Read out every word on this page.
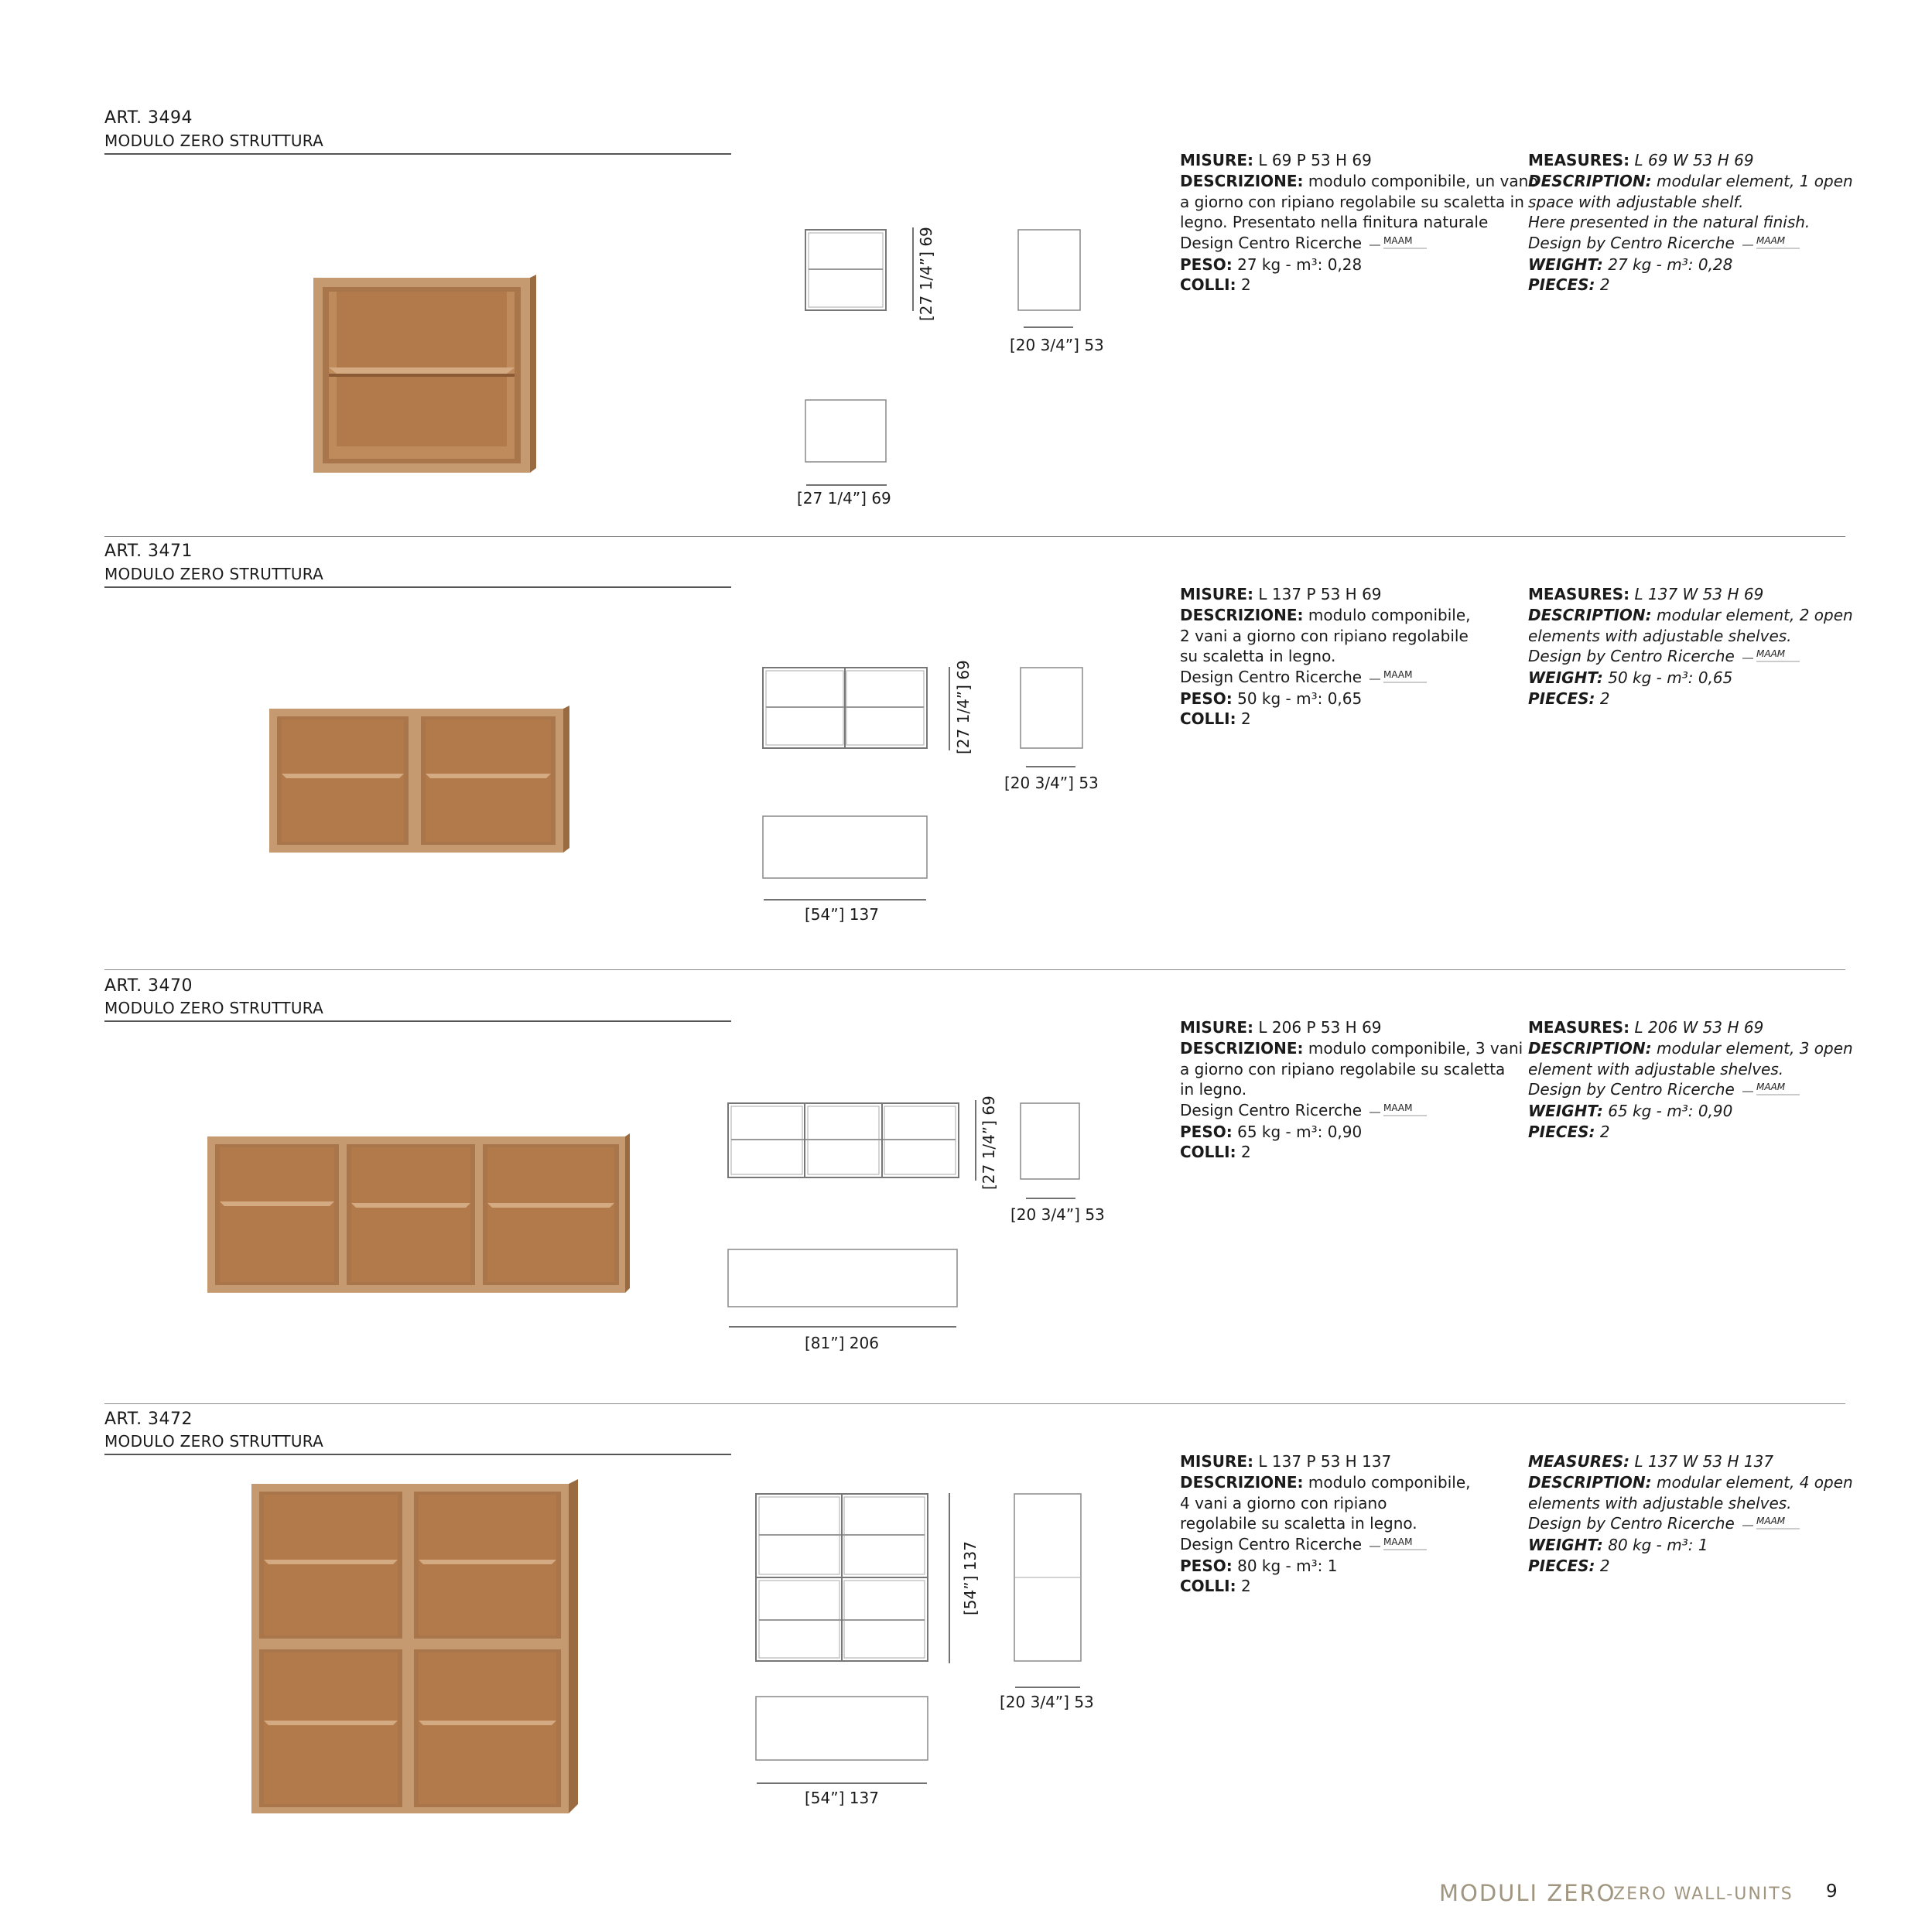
ART. 3494
MODULO ZERO STRUTTURA
[27 1/4”] 69
[20 3/4”] 53
[27 1/4”] 69
MISURE: L 69 P 53 H 69
DESCRIZIONE: modulo componibile, un vano
a giorno con ripiano regolabile su scaletta in
legno. Presentato nella finitura naturale
Design Centro Ricerche MAAM
PESO: 27 kg - m³: 0,28
COLLI: 2
MEASURES: L 69 W 53 H 69
DESCRIPTION: modular element, 1 open
space with adjustable shelf.
Here presented in the natural finish.
Design by Centro Ricerche MAAM
WEIGHT: 27 kg - m³: 0,28
PIECES: 2
ART. 3471
MODULO ZERO STRUTTURA
[27 1/4”] 69
[20 3/4”] 53
[54”] 137
MISURE: L 137 P 53 H 69
DESCRIZIONE: modulo componibile,
2 vani a giorno con ripiano regolabile
su scaletta in legno.
Design Centro Ricerche MAAM
PESO: 50 kg - m³: 0,65
COLLI: 2
MEASURES: L 137 W 53 H 69
DESCRIPTION: modular element, 2 open
elements with adjustable shelves.
Design by Centro Ricerche MAAM
WEIGHT: 50 kg - m³: 0,65
PIECES: 2
ART. 3470
MODULO ZERO STRUTTURA
[27 1/4”] 69
[20 3/4”] 53
[81”] 206
MISURE: L 206 P 53 H 69
DESCRIZIONE: modulo componibile, 3 vani
a giorno con ripiano regolabile su scaletta
in legno.
Design Centro Ricerche MAAM
PESO: 65 kg - m³: 0,90
COLLI: 2
MEASURES: L 206 W 53 H 69
DESCRIPTION: modular element, 3 open
element with adjustable shelves.
Design by Centro Ricerche MAAM
WEIGHT: 65 kg - m³: 0,90
PIECES: 2
ART. 3472
MODULO ZERO STRUTTURA
[54”] 137
[20 3/4”] 53
[54”] 137
MISURE: L 137 P 53 H 137
DESCRIZIONE: modulo componibile,
4 vani a giorno con ripiano
regolabile su scaletta in legno.
Design Centro Ricerche MAAM
PESO: 80 kg - m³: 1
COLLI: 2
MEASURES: L 137 W 53 H 137
DESCRIPTION: modular element, 4 open
elements with adjustable shelves.
Design by Centro Ricerche MAAM
WEIGHT: 80 kg - m³: 1
PIECES: 2
MODULI ZERO
ZERO WALL-UNITS 9
